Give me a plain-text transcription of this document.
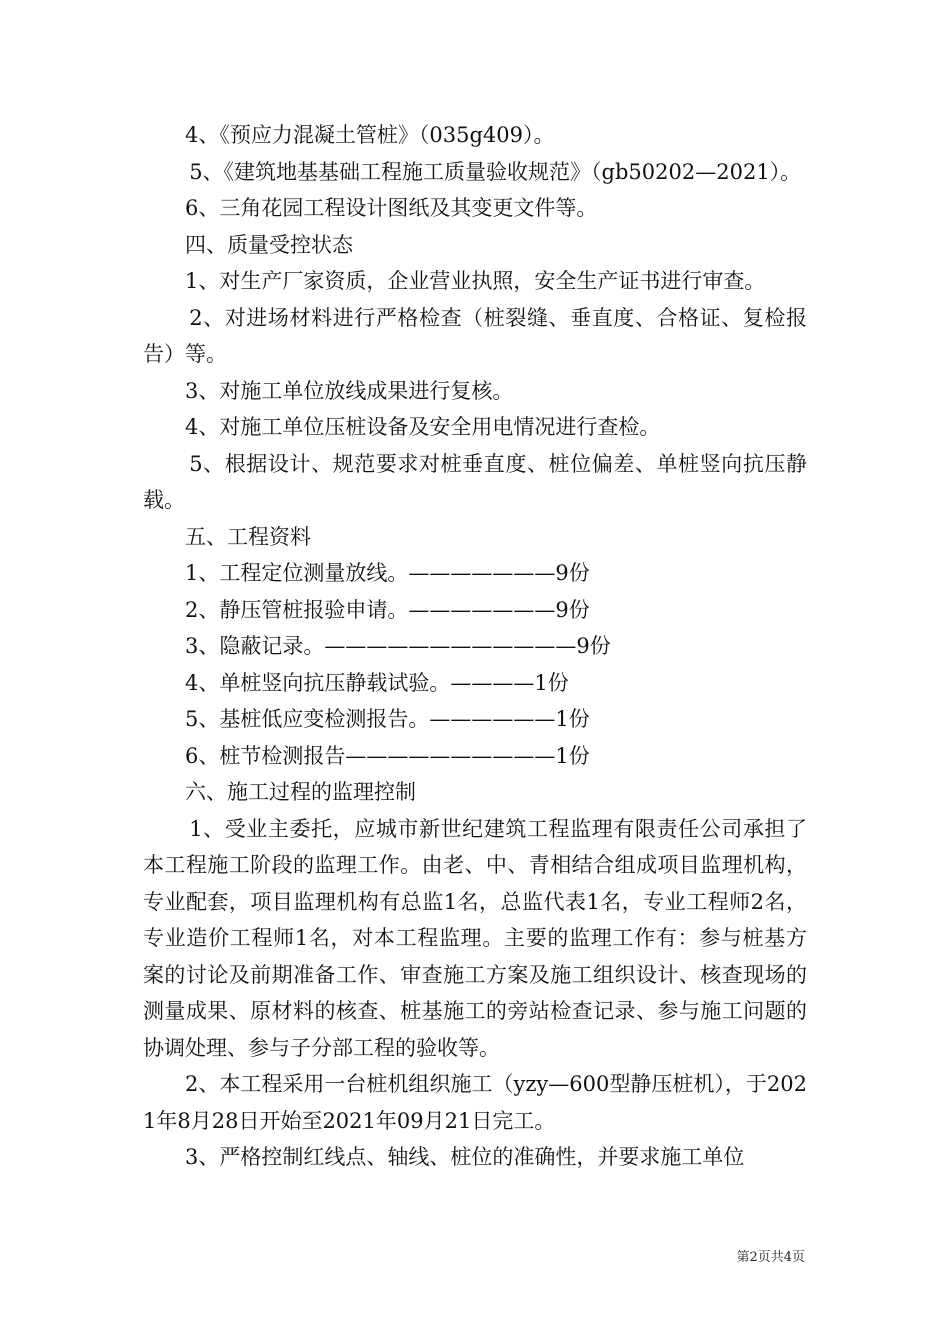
4、《预应力混凝土管桩》（035g409）。

5、《建筑地基基础工程施工质量验收规范》（gb50202—2021）。

6、三角花园工程设计图纸及其变更文件等。

四、质量受控状态

1、对生产厂家资质，企业营业执照，安全生产证书进行审查。

2、对进场材料进行严格检查（桩裂缝、垂直度、合格证、复检报告）等。

3、对施工单位放线成果进行复核。

4、对施工单位压桩设备及安全用电情况进行查检。

5、根据设计、规范要求对桩垂直度、桩位偏差、单桩竖向抗压静载。

五、工程资料

1、工程定位测量放线。———————9份

2、静压管桩报验申请。———————9份

3、隐蔽记录。————————————9份

4、单桩竖向抗压静载试验。————1份

5、基桩低应变检测报告。——————1份

6、桩节检测报告——————————1份

六、施工过程的监理控制

1、受业主委托，应城市新世纪建筑工程监理有限责任公司承担了本工程施工阶段的监理工作。由老、中、青相结合组成项目监理机构，专业配套，项目监理机构有总监1名，总监代表1名，专业工程师2名，专业造价工程师1名，对本工程监理。主要的监理工作有：参与桩基方案的讨论及前期准备工作、审查施工方案及施工组织设计、核查现场的测量成果、原材料的核查、桩基施工的旁站检查记录、参与施工问题的协调处理、参与子分部工程的验收等。

2、本工程采用一台桩机组织施工（yzy—600型静压桩机），于2021年8月28日开始至2021年09月21日完工。

3、严格控制红线点、轴线、桩位的准确性，并要求施工单位

第2页共4页
